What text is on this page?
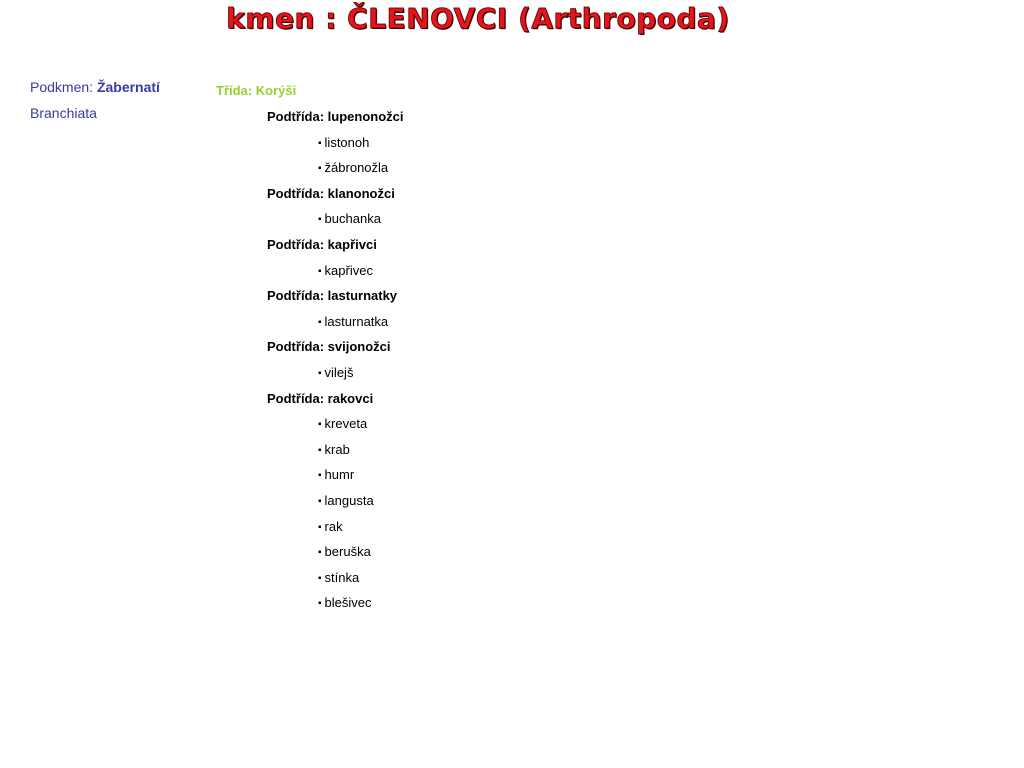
kmen : ČLENOVCI (Arthropoda)
Podkmen: Žabernatí
Branchiata
Třída: Korýši
Podtřída: lupenonožci
▪ listonoh
▪ žábronožla
Podtřída: klanonožci
▪ buchanka
Podtřída: kapřivci
▪ kapřivec
Podtřída: lasturnatky
▪ lasturnatka
Podtřída: svijonožci
▪ vilejš
Podtřída: rakovci
▪ kreveta
▪ krab
▪ humr
▪ langusta
▪ rak
▪ beruška
▪ stínka
▪ blešivec
